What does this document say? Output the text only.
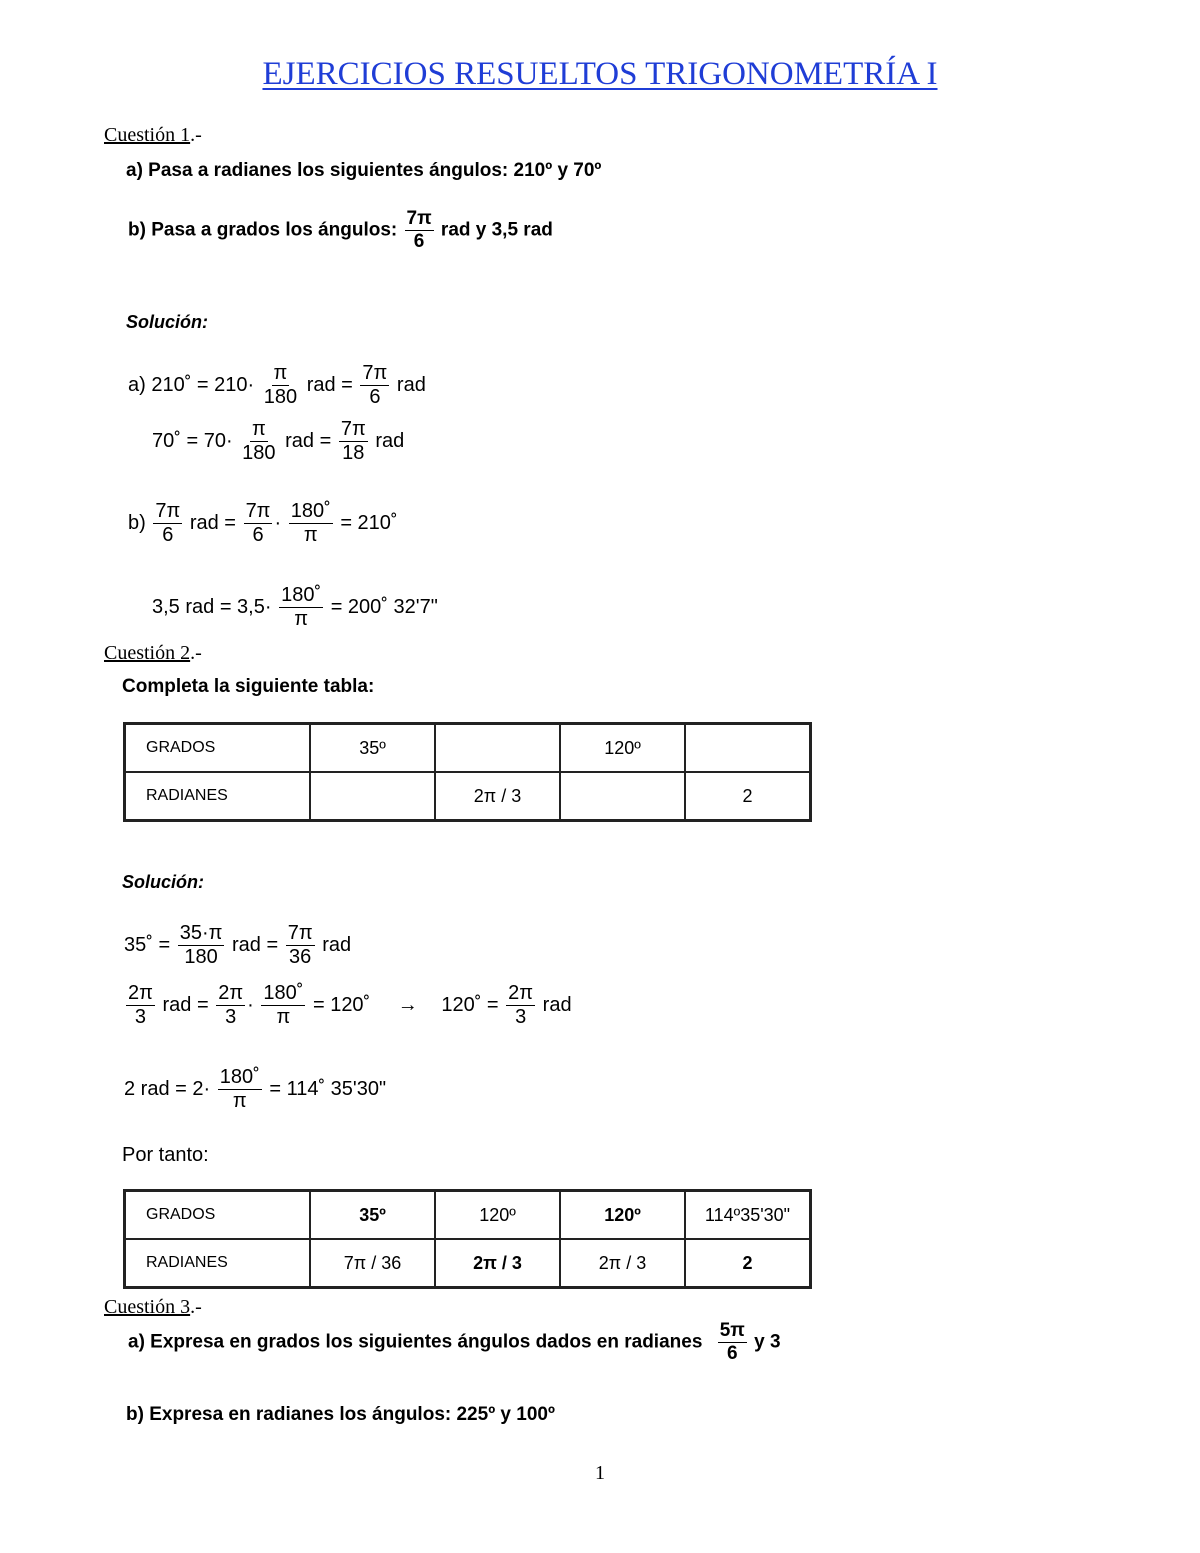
EJERCICIOS RESUELTOS TRIGONOMETRÍA I
Cuestión 1.-
a) Pasa a radianes los siguientes ángulos: 210º y 70º
b) Pasa a grados los ángulos: $\frac{7\pi}{6}$ rad y 3,5 rad
Solución:
a) 210˚ = $210\cdot \frac{\pi}{180}$ rad = $\frac{7\pi}{6}$ rad
70˚ = $70\cdot \frac{\pi}{180}$ rad = $\frac{7\pi}{18}$ rad
$b) \frac{7\pi}{6}$ rad = $\frac{7\pi}{6} \cdot \frac{180˚}{\pi}$ = 210˚
3,5 rad = $3,5\cdot \frac{180˚}{\pi}$ = 200˚ 32'7"
Cuestión 2.-
Completa la siguiente tabla:
GRADOS	35º		120º	
RADIANES		2π / 3		2
Solución:
35˚ = $\frac{35\cdot\pi}{180}$ rad = $\frac{7\pi}{36}$ rad
$\frac{2\pi}{3}$ rad = $\frac{2\pi}{3} \cdot \frac{180˚}{\pi}$ = 120˚ → 120˚ = $\frac{2\pi}{3}$ rad
2 rad = $2\cdot \frac{180˚}{\pi}$ = 114˚ 35'30"
Por tanto:
GRADOS	35º	120º	120º	114º35'30"
RADIANES	7π / 36	2π / 3	2π / 3	2
Cuestión 3.-
a) Expresa en grados los siguientes ángulos dados en radianes $\frac{5\pi}{6}$ y 3
b) Expresa en radianes los ángulos: 225º y 100º
1
